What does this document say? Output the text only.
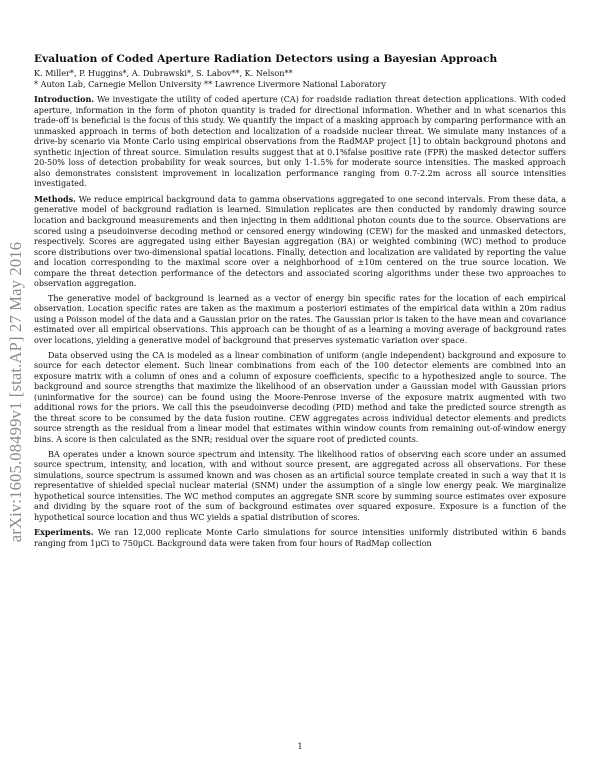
arXiv:1605.08499v1 [stat.AP] 27 May 2016
Evaluation of Coded Aperture Radiation Detectors using a Bayesian Approach
K. Miller*, P. Huggins*, A. Dubrawski*, S. Labov**, K. Nelson**
* Auton Lab, Carnegie Mellon University ** Lawrence Livermore National Laboratory

Introduction. We investigate the utility of coded aperture (CA) for roadside radiation threat detection applications. With coded aperture, information in the form of photon quantity is traded for directional information. Whether and in what scenarios this trade-off is beneficial is the focus of this study. We quantify the impact of a masking approach by comparing performance with an unmasked approach in terms of both detection and localization of a roadside nuclear threat. We simulate many instances of a drive-by scenario via Monte Carlo using empirical observations from the RadMAP project [1] to obtain background photons and synthetic injection of threat source. Simulation results suggest that at 0.1%false positive rate (FPR) the masked detector suffers 20-50% loss of detection probability for weak sources, but only 1-1.5% for moderate source intensities. The masked approach also demonstrates consistent improvement in localization performance ranging from 0.7-2.2m across all source intensities investigated.

Methods. We reduce empirical background data to gamma observations aggregated to one second intervals. From these data, a generative model of background radiation is learned. Simulation replicates are then conducted by randomly drawing source location and background measurements and then injecting in them additional photon counts due to the source. Observations are scored using a pseudoinverse decoding method or censored energy windowing (CEW) for the masked and unmasked detectors, respectively. Scores are aggregated using either Bayesian aggregation (BA) or weighted combining (WC) method to produce score distributions over two-dimensional spatial locations. Finally, detection and localization are validated by reporting the value and location corresponding to the maximal score over a neighborhood of ±10m centered on the true source location. We compare the threat detection performance of the detectors and associated scoring algorithms under these two approaches to observation aggregation.

The generative model of background is learned as a vector of energy bin specific rates for the location of each empirical observation. Location specific rates are taken as the maximum a posteriori estimates of the empirical data within a 20m radius using a Poisson model of the data and a Gaussian prior on the rates. The Gaussian prior is taken to the have mean and covariance estimated over all empirical observations. This approach can be thought of as a learning a moving average of background rates over locations, yielding a generative model of background that preserves systematic variation over space.

Data observed using the CA is modeled as a linear combination of uniform (angle independent) background and exposure to source for each detector element. Such linear combinations from each of the 100 detector elements are combined into an exposure matrix with a column of ones and a column of exposure coefficients, specific to a hypothesized angle to source. The background and source strengths that maximize the likelihood of an observation under a Gaussian model with Gaussian priors (uninformative for the source) can be found using the Moore-Penrose inverse of the exposure matrix augmented with two additional rows for the priors. We call this the pseudoinverse decoding (PID) method and take the predicted source strength as the threat score to be consumed by the data fusion routine. CEW aggregates across individual detector elements and predicts source strength as the residual from a linear model that estimates within window counts from remaining out-of-window energy bins. A score is then calculated as the SNR; residual over the square root of predicted counts.

BA operates under a known source spectrum and intensity. The likelihood ratios of observing each score under an assumed source spectrum, intensity, and location, with and without source present, are aggregated across all observations. For these simulations, source spectrum is assumed known and was chosen as an artificial source template created in such a way that it is representative of shielded special nuclear material (SNM) under the assumption of a single low energy peak. We marginalize hypothetical source intensities. The WC method computes an aggregate SNR score by summing source estimates over exposure and dividing by the square root of the sum of background estimates over squared exposure. Exposure is a function of the hypothetical source location and thus WC yields a spatial distribution of scores.

Experiments. We ran 12,000 replicate Monte Carlo simulations for source intensities uniformly distributed within 6 bands ranging from 1μCi to 750μCi. Background data were taken from four hours of RadMap collection

1
